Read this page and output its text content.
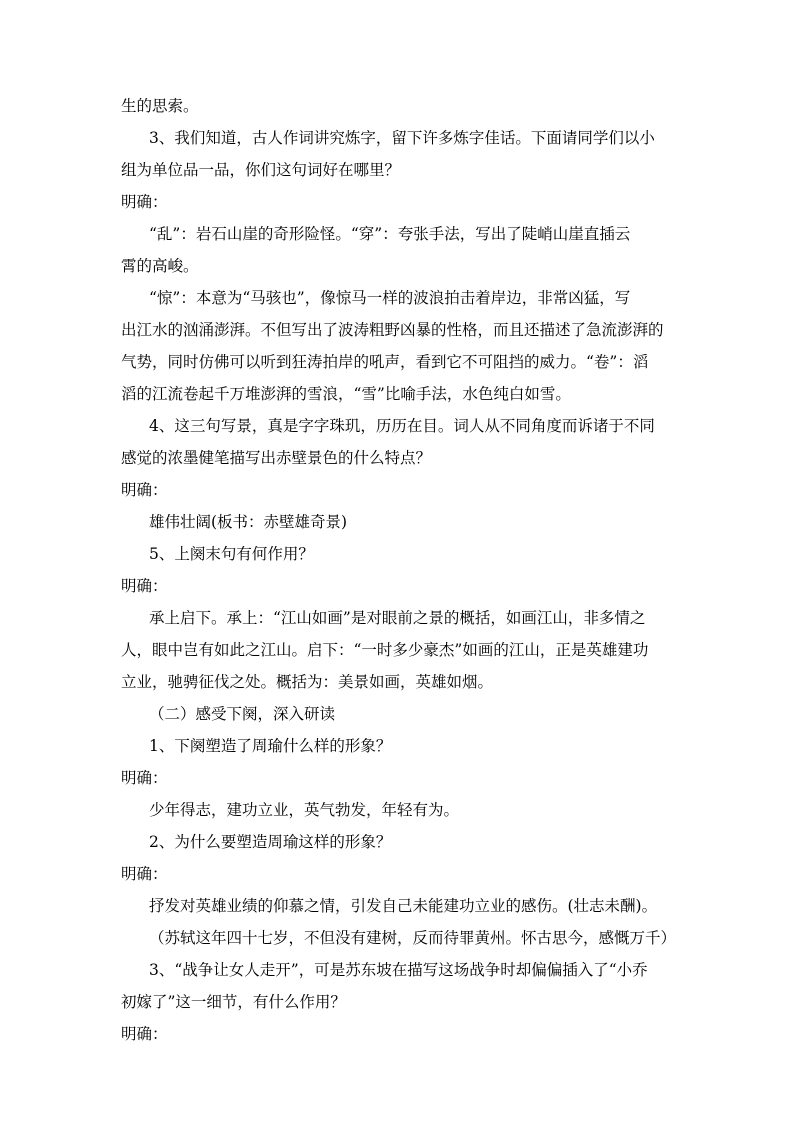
生的思索。
3、我们知道，古人作词讲究炼字，留下许多炼字佳话。下面请同学们以小
组为单位品一品，你们这句词好在哪里？
明确：
“乱”：岩石山崖的奇形险怪。“穿”：夸张手法，写出了陡峭山崖直插云
霄的高峻。
“惊”：本意为“马骇也”，像惊马一样的波浪拍击着岸边，非常凶猛，写
出江水的汹涌澎湃。不但写出了波涛粗野凶暴的性格，而且还描述了急流澎湃的
气势，同时仿佛可以听到狂涛拍岸的吼声，看到它不可阻挡的威力。“卷”：滔
滔的江流卷起千万堆澎湃的雪浪，“雪”比喻手法，水色纯白如雪。
4、这三句写景，真是字字珠玑，历历在目。词人从不同角度而诉诸于不同
感觉的浓墨健笔描写出赤壁景色的什么特点？
明确：
雄伟壮阔(板书：赤壁雄奇景)
5、上阕末句有何作用？
明确：
承上启下。承上：“江山如画”是对眼前之景的概括，如画江山，非多情之
人，眼中岂有如此之江山。启下：“一时多少豪杰”如画的江山，正是英雄建功
立业，驰骋征伐之处。概括为：美景如画，英雄如烟。
（二）感受下阕，深入研读
1、下阕塑造了周瑜什么样的形象？
明确：
少年得志，建功立业，英气勃发，年轻有为。
2、为什么要塑造周瑜这样的形象？
明确：
抒发对英雄业绩的仰慕之情，引发自己未能建功立业的感伤。(壮志未酬)。
（苏轼这年四十七岁，不但没有建树，反而待罪黄州。怀古思今，感慨万千）
3、“战争让女人走开”，可是苏东坡在描写这场战争时却偏偏插入了“小乔
初嫁了”这一细节，有什么作用？
明确：
